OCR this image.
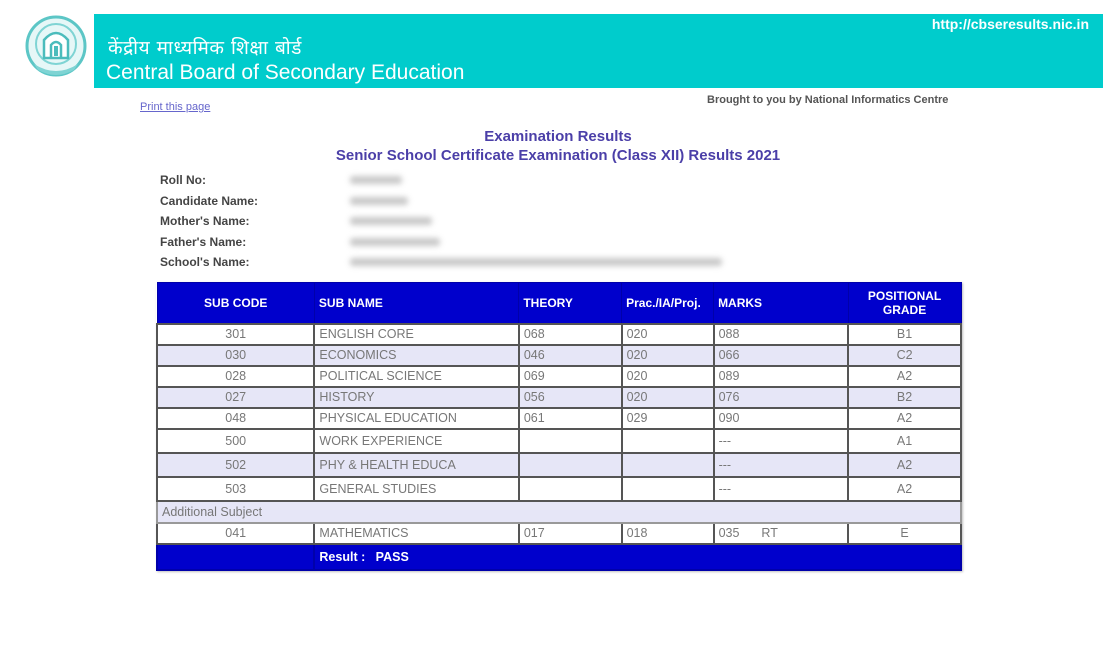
केंद्रीय माध्यमिक शिक्षा बोर्ड
Central Board of Secondary Education
http://cbseresults.nic.in
Print this page
Brought to you by National Informatics Centre
Examination Results
Senior School Certificate Examination (Class XII) Results 2021
Roll No:
Candidate Name:
Mother's Name:
Father's Name:
School's Name:
SUB CODE	SUB NAME	THEORY	Prac./IA/Proj.	MARKS	POSITIONAL GRADE
301	ENGLISH CORE	068	020	088	B1
030	ECONOMICS	046	020	066	C2
028	POLITICAL SCIENCE	069	020	089	A2
027	HISTORY	056	020	076	B2
048	PHYSICAL EDUCATION	061	029	090	A2
500	WORK EXPERIENCE			---	A1
502	PHY & HEALTH EDUCA			---	A2
503	GENERAL STUDIES			---	A2
Additional Subject					
041	MATHEMATICS	017	018	035 RT	E
	Result : PASS				
